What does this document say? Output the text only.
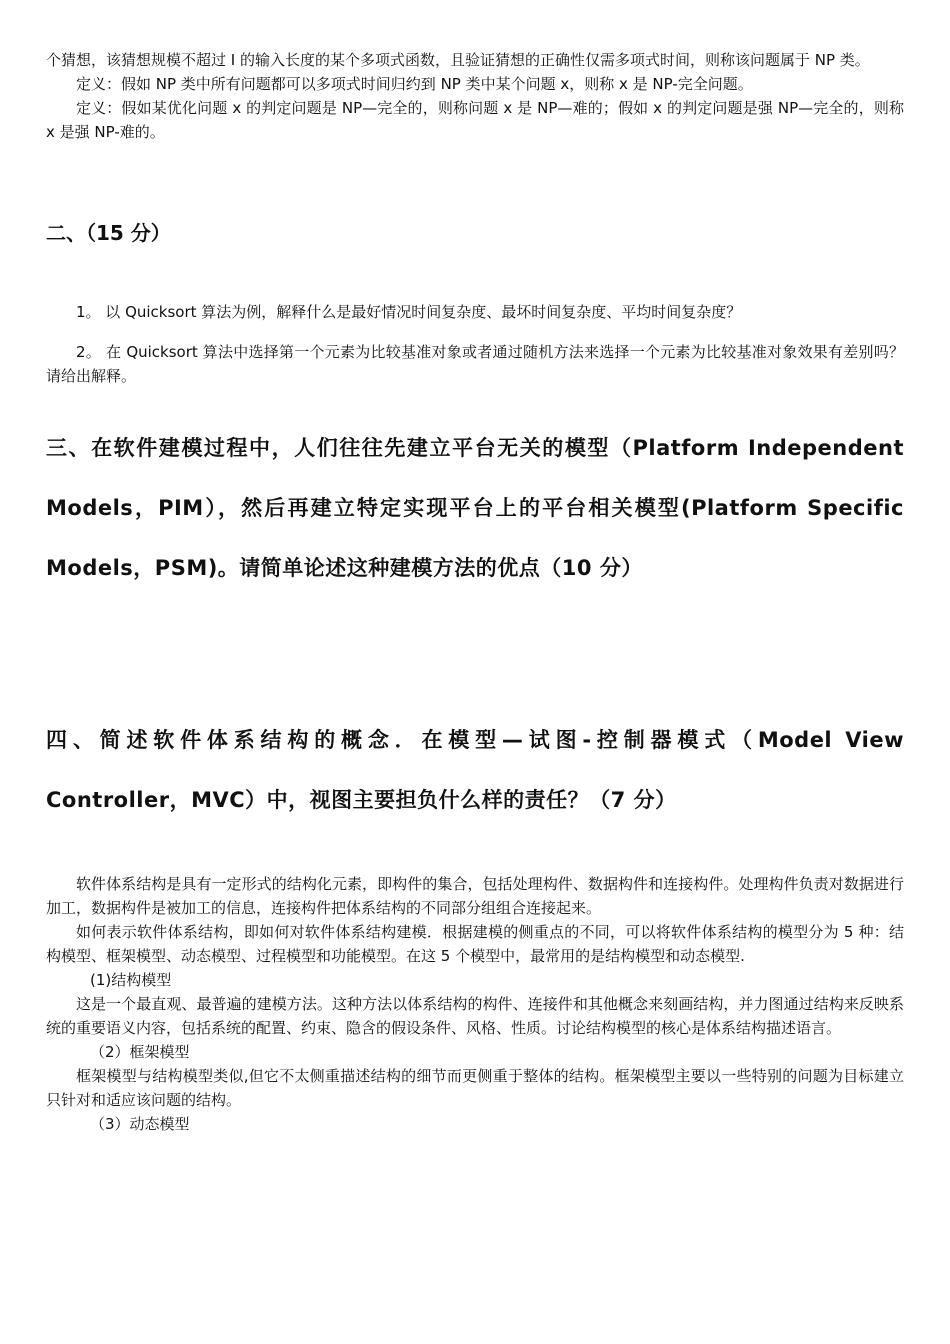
个猜想，该猜想规模不超过 I 的输入长度的某个多项式函数，且验证猜想的正确性仅需多项式时间，则称该问题属于 NP 类。

定义：假如 NP 类中所有问题都可以多项式时间归约到 NP 类中某个问题 x，则称 x 是 NP-完全问题。

定义：假如某优化问题 x 的判定问题是 NP—完全的，则称问题 x 是 NP—难的；假如 x 的判定问题是强 NP—完全的，则称 x 是强 NP-难的。

二、（15 分）

1。 以 Quicksort 算法为例，解释什么是最好情况时间复杂度、最坏时间复杂度、平均时间复杂度？

2。 在 Quicksort 算法中选择第一个元素为比较基准对象或者通过随机方法来选择一个元素为比较基准对象效果有差别吗？请给出解释。

三、在软件建模过程中，人们往往先建立平台无关的模型（Platform Independent Models，PIM），然后再建立特定实现平台上的平台相关模型(Platform Specific Models，PSM)。请简单论述这种建模方法的优点（10 分）

四、简述软件体系结构的概念．在模型—试图-控制器模式（Model View Controller，MVC）中，视图主要担负什么样的责任？（7 分）

软件体系结构是具有一定形式的结构化元素，即构件的集合，包括处理构件、数据构件和连接构件。处理构件负责对数据进行加工，数据构件是被加工的信息，连接构件把体系结构的不同部分组组合连接起来。

如何表示软件体系结构，即如何对软件体系结构建模．根据建模的侧重点的不同，可以将软件体系结构的模型分为 5 种：结构模型、框架模型、动态模型、过程模型和功能模型。在这 5 个模型中，最常用的是结构模型和动态模型.

(1)结构模型

这是一个最直观、最普遍的建模方法。这种方法以体系结构的构件、连接件和其他概念来刻画结构，并力图通过结构来反映系统的重要语义内容，包括系统的配置、约束、隐含的假设条件、风格、性质。讨论结构模型的核心是体系结构描述语言。

（2）框架模型

框架模型与结构模型类似,但它不太侧重描述结构的细节而更侧重于整体的结构。框架模型主要以一些特别的问题为目标建立只针对和适应该问题的结构。

（3）动态模型
